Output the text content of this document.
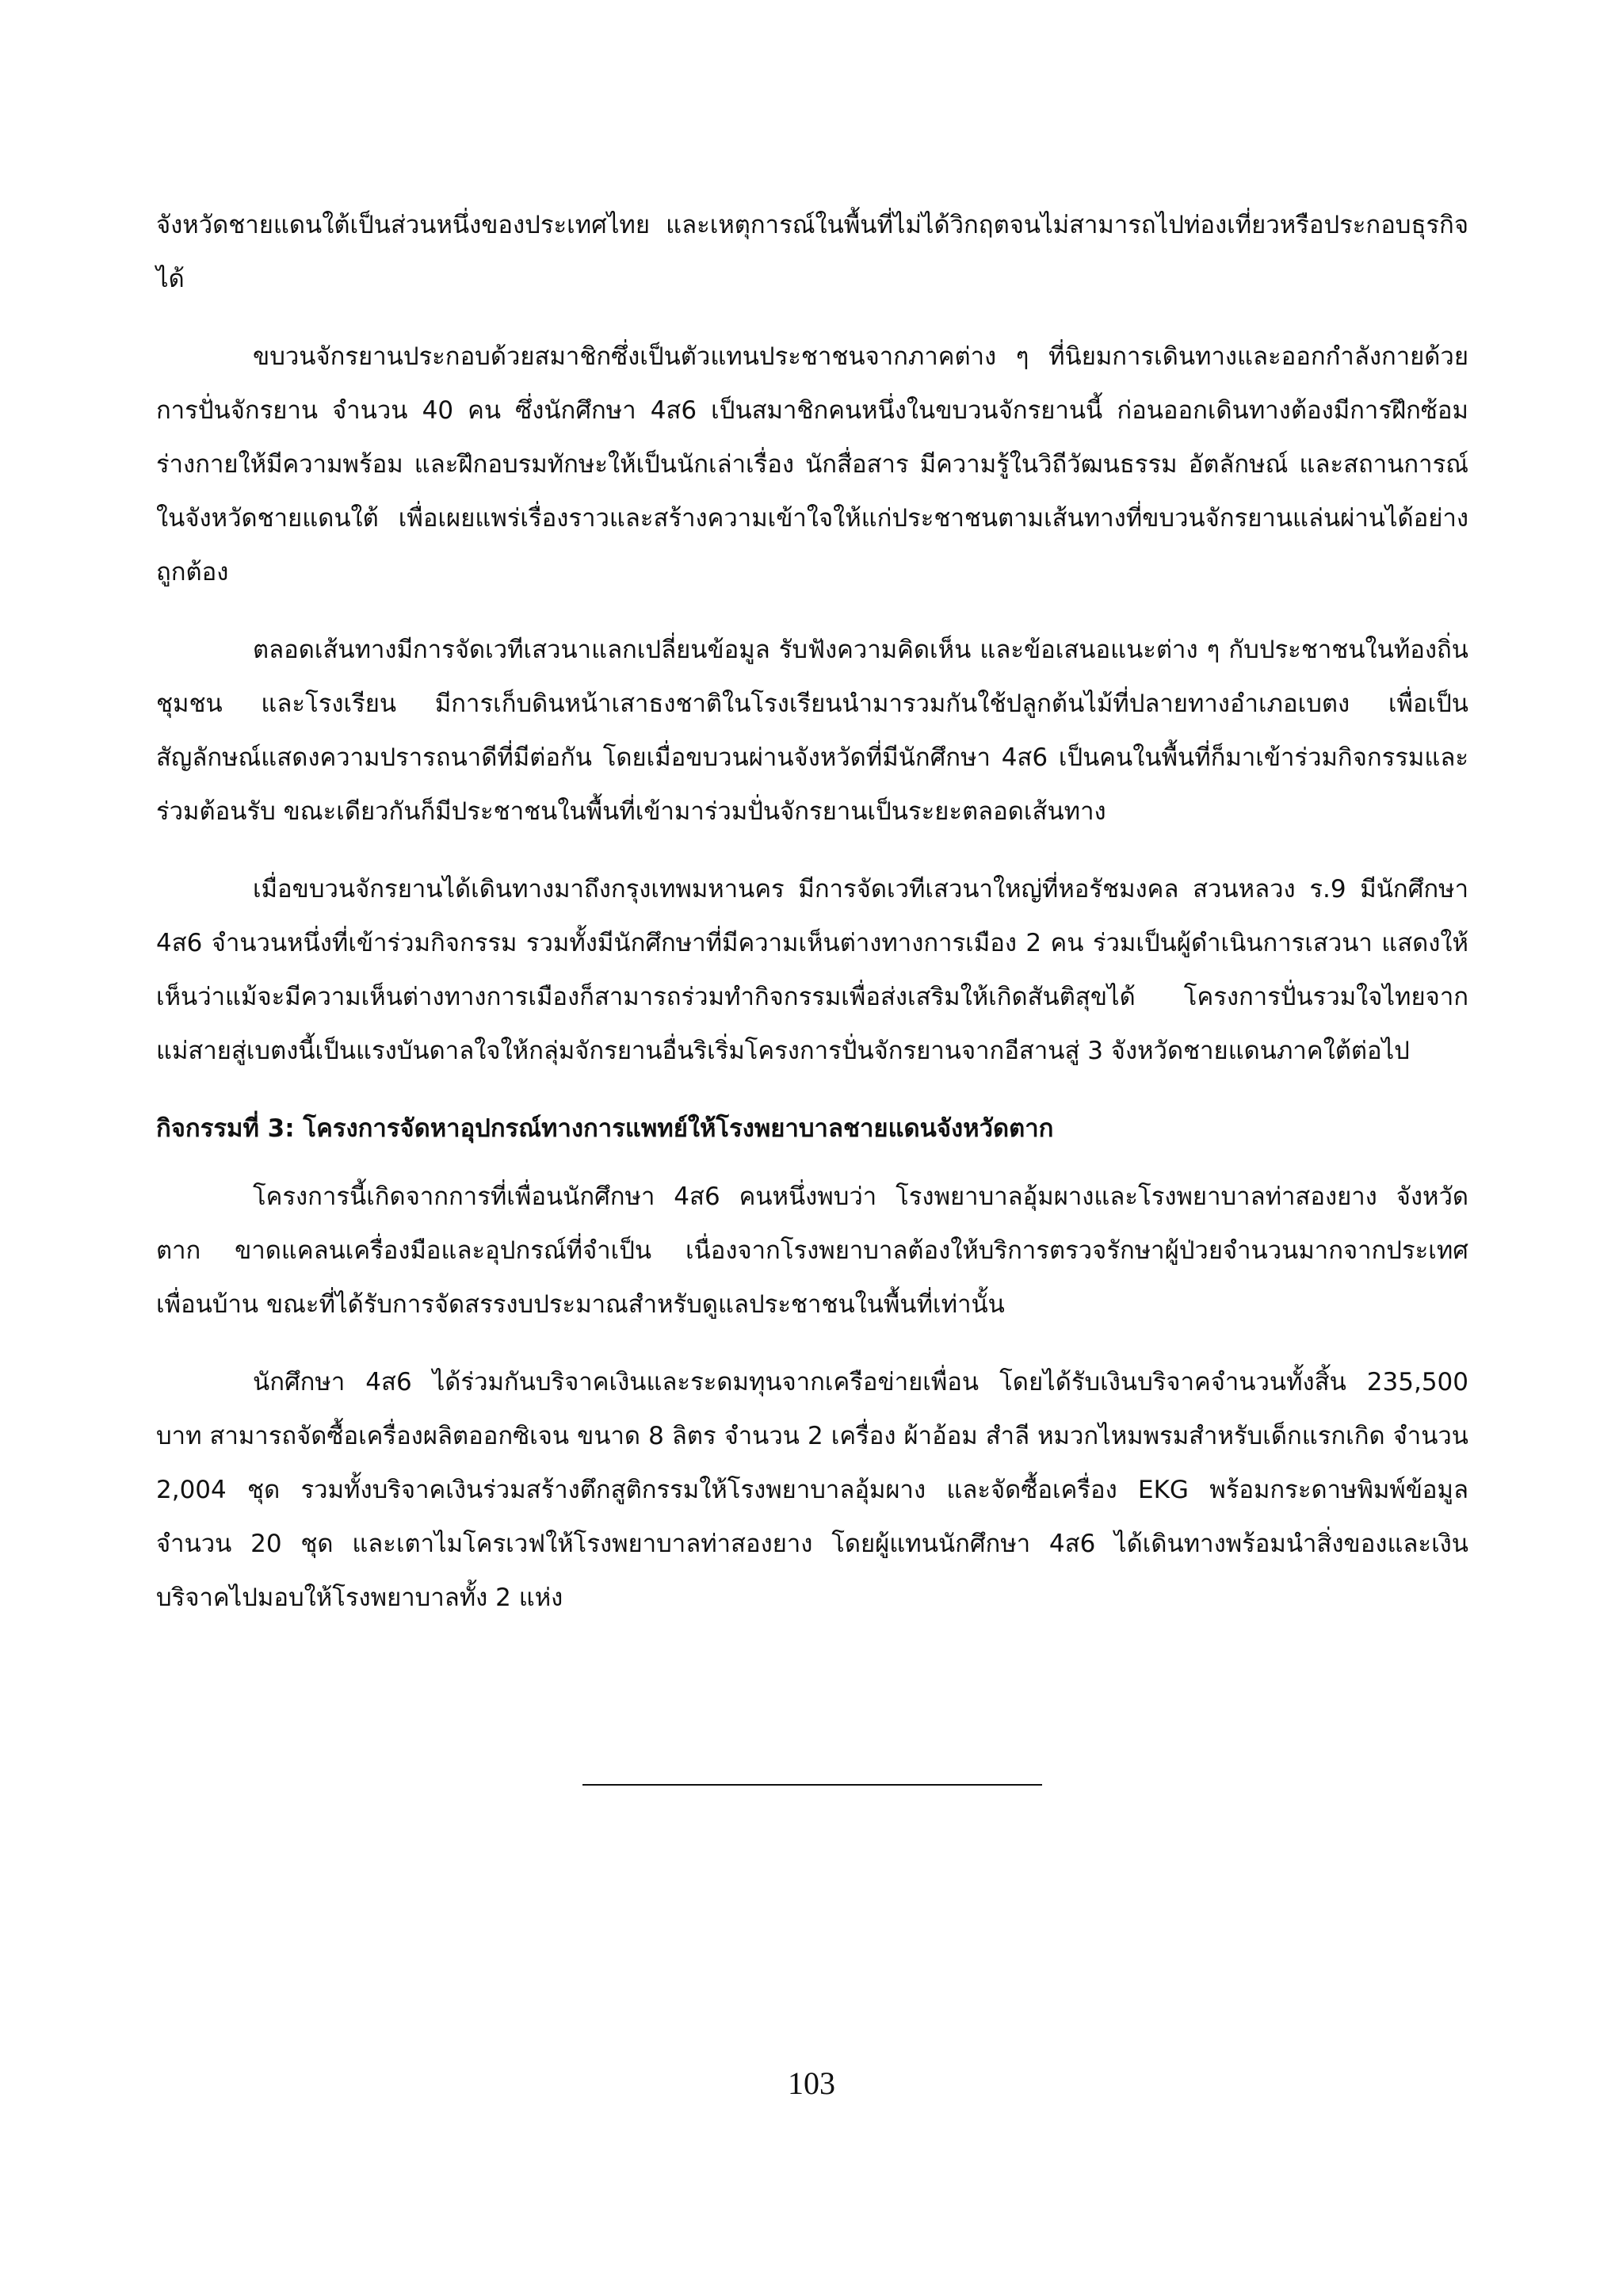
จังหวัดชายแดนใต้เป็นส่วนหนึ่งของประเทศไทย และเหตุการณ์ในพื้นที่ไม่ได้วิกฤตจนไม่สามารถไปท่องเที่ยวหรือประกอบธุรกิจได้

ขบวนจักรยานประกอบด้วยสมาชิกซึ่งเป็นตัวแทนประชาชนจากภาคต่าง ๆ ที่นิยมการเดินทางและออกกำลังกายด้วยการปั่นจักรยาน จำนวน 40 คน ซึ่งนักศึกษา 4ส6 เป็นสมาชิกคนหนึ่งในขบวนจักรยานนี้ ก่อนออกเดินทางต้องมีการฝึกซ้อมร่างกายให้มีความพร้อม และฝึกอบรมทักษะให้เป็นนักเล่าเรื่อง นักสื่อสาร มีความรู้ในวิถีวัฒนธรรม อัตลักษณ์ และสถานการณ์ในจังหวัดชายแดนใต้ เพื่อเผยแพร่เรื่องราวและสร้างความเข้าใจให้แก่ประชาชนตามเส้นทางที่ขบวนจักรยานแล่นผ่านได้อย่างถูกต้อง

ตลอดเส้นทางมีการจัดเวทีเสวนาแลกเปลี่ยนข้อมูล รับฟังความคิดเห็น และข้อเสนอแนะต่าง ๆ กับประชาชนในท้องถิ่น ชุมชน และโรงเรียน มีการเก็บดินหน้าเสาธงชาติในโรงเรียนนำมารวมกันใช้ปลูกต้นไม้ที่ปลายทางอำเภอเบตง เพื่อเป็นสัญลักษณ์แสดงความปรารถนาดีที่มีต่อกัน โดยเมื่อขบวนผ่านจังหวัดที่มีนักศึกษา 4ส6 เป็นคนในพื้นที่ก็มาเข้าร่วมกิจกรรมและร่วมต้อนรับ ขณะเดียวกันก็มีประชาชนในพื้นที่เข้ามาร่วมปั่นจักรยานเป็นระยะตลอดเส้นทาง

เมื่อขบวนจักรยานได้เดินทางมาถึงกรุงเทพมหานคร มีการจัดเวทีเสวนาใหญ่ที่หอรัชมงคล สวนหลวง ร.9 มีนักศึกษา 4ส6 จำนวนหนึ่งที่เข้าร่วมกิจกรรม รวมทั้งมีนักศึกษาที่มีความเห็นต่างทางการเมือง 2 คน ร่วมเป็นผู้ดำเนินการเสวนา แสดงให้เห็นว่าแม้จะมีความเห็นต่างทางการเมืองก็สามารถร่วมทำกิจกรรมเพื่อส่งเสริมให้เกิดสันติสุขได้ โครงการปั่นรวมใจไทยจากแม่สายสู่เบตงนี้เป็นแรงบันดาลใจให้กลุ่มจักรยานอื่นริเริ่มโครงการปั่นจักรยานจากอีสานสู่ 3 จังหวัดชายแดนภาคใต้ต่อไป

กิจกรรมที่ 3: โครงการจัดหาอุปกรณ์ทางการแพทย์ให้โรงพยาบาลชายแดนจังหวัดตาก

โครงการนี้เกิดจากการที่เพื่อนนักศึกษา 4ส6 คนหนึ่งพบว่า โรงพยาบาลอุ้มผางและโรงพยาบาลท่าสองยาง จังหวัดตาก ขาดแคลนเครื่องมือและอุปกรณ์ที่จำเป็น เนื่องจากโรงพยาบาลต้องให้บริการตรวจรักษาผู้ป่วยจำนวนมากจากประเทศเพื่อนบ้าน ขณะที่ได้รับการจัดสรรงบประมาณสำหรับดูแลประชาชนในพื้นที่เท่านั้น

นักศึกษา 4ส6 ได้ร่วมกันบริจาคเงินและระดมทุนจากเครือข่ายเพื่อน โดยได้รับเงินบริจาคจำนวนทั้งสิ้น 235,500 บาท สามารถจัดซื้อเครื่องผลิตออกซิเจน ขนาด 8 ลิตร จำนวน 2 เครื่อง ผ้าอ้อม สำลี หมวกไหมพรมสำหรับเด็กแรกเกิด จำนวน 2,004 ชุด รวมทั้งบริจาคเงินร่วมสร้างตึกสูติกรรมให้โรงพยาบาลอุ้มผาง และจัดซื้อเครื่อง EKG พร้อมกระดาษพิมพ์ข้อมูล จำนวน 20 ชุด และเตาไมโครเวฟให้โรงพยาบาลท่าสองยาง โดยผู้แทนนักศึกษา 4ส6 ได้เดินทางพร้อมนำสิ่งของและเงินบริจาคไปมอบให้โรงพยาบาลทั้ง 2 แห่ง

103
